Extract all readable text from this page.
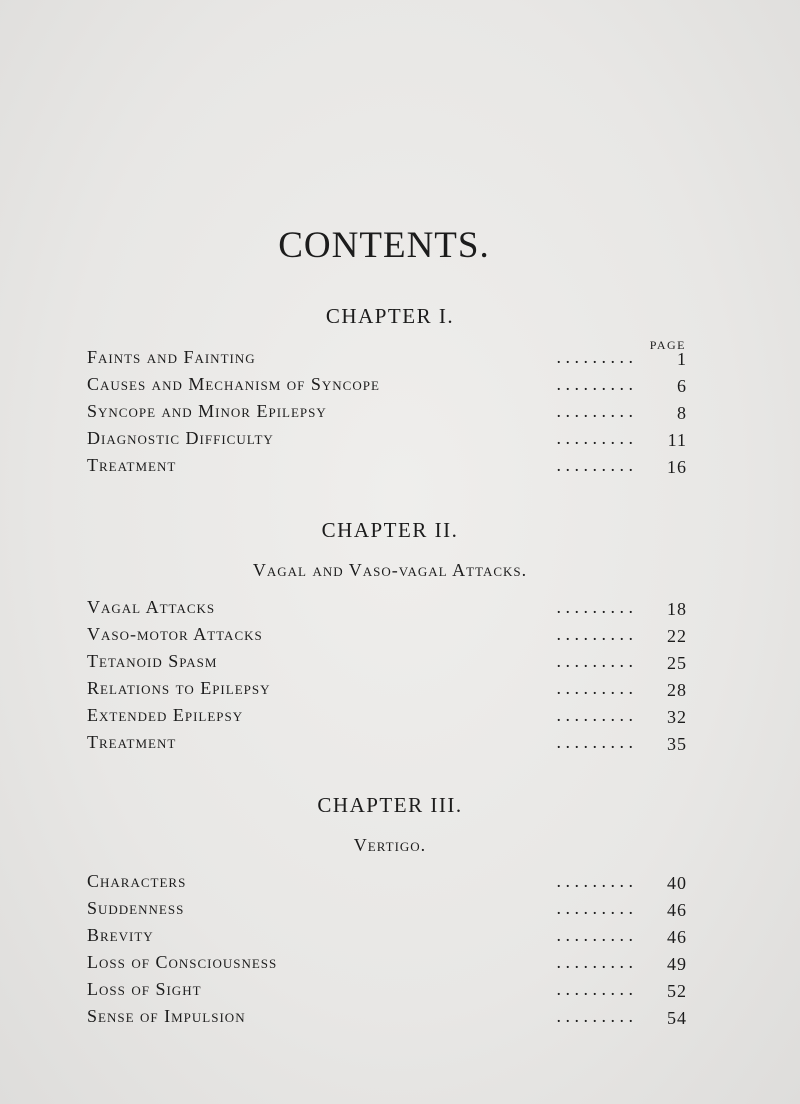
CONTENTS.
CHAPTER I.
PAGE
Faints and Fainting	. . . . . . . . .	1
Causes and Mechanism of Syncope	. . . . . . . . .	6
Syncope and Minor Epilepsy	. . . . . . . . .	8
Diagnostic Difficulty	. . . . . . . . .	11
Treatment	. . . . . . . . .	16
CHAPTER II.
Vagal and Vaso-vagal Attacks.
Vagal Attacks	. . . . . . . . .	18
Vaso-motor Attacks	. . . . . . . . .	22
Tetanoid Spasm	. . . . . . . . .	25
Relations to Epilepsy	. . . . . . . . .	28
Extended Epilepsy	. . . . . . . . .	32
Treatment	. . . . . . . . .	35
CHAPTER III.
Vertigo.
Characters	. . . . . . . . .	40
Suddenness	. . . . . . . . .	46
Brevity	. . . . . . . . .	46
Loss of Consciousness	. . . . . . . . .	49
Loss of Sight	. . . . . . . . .	52
Sense of Impulsion	. . . . . . . . .	54
